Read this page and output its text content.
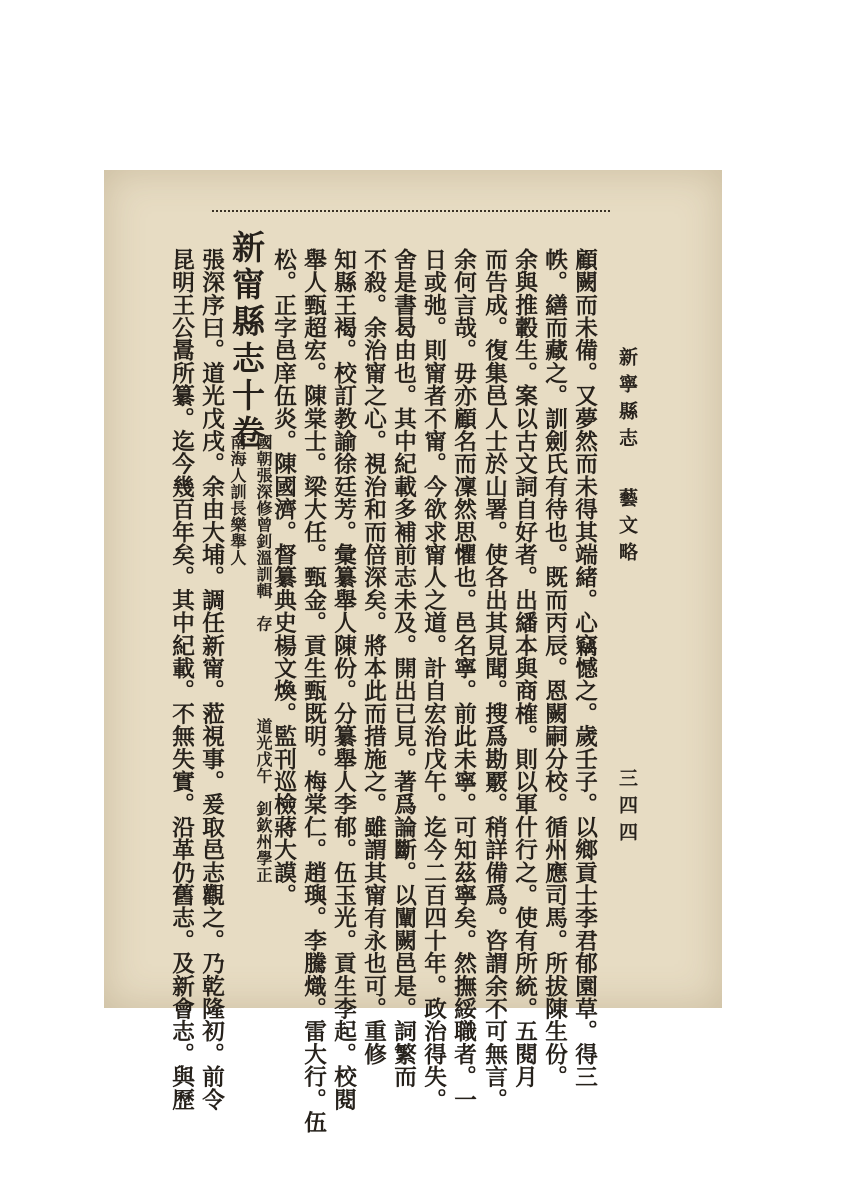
新寧縣志
藝文略
三四四
顧闕而未備。又夢然而未得其端緒。心竊憾之。歲壬子。以鄉貢士李君郁園草。得三
帙。繕而藏之。訓劍氏有待也。既而丙辰。恩闕嗣分校。循州應司馬。所拔陳生份。
余與推轂生。案以古文詞自好者。出繙本與商榷。則以軍什行之。使有所統。五閱月
而告成。復集邑人士於山署。使各出其見聞。搜爲勘覈。稍詳備爲。咨謂余不可無言。
余何言哉。毋亦顧名而凜然思懼也。邑名寧。前此未寧。可知茲寧矣。然撫綏職者。一
日或弛。則甯者不甯。今欲求甯人之道。計自宏治戊午。迄今二百四十年。政治得失。
舍是書曷由也。其中紀載多補前志未及。開出已見。著爲論斷。以闡闕邑是。詞繁而
不殺。余治甯之心。視治和而倍深矣。將本此而措施之。雖謂其甯有永也可。重修
知縣王褐。校訂教諭徐廷芳。彙纂舉人陳份。分纂舉人李郁。伍玉光。貢生李起。校閱
舉人甄超宏。陳棠士。梁大任。甄金。貢生甄既明。梅棠仁。趙璵。李騰熾。雷大行。伍
松。正字邑庠伍炎。陳國濟。督纂典史楊文煥。監刊巡檢蔣大謨。
新甯縣志十卷
國朝張深修曾釗溫訓輯　存
南海人訓長樂舉人
道光戊午　釗欽州學正
張深序曰。道光戊戌。余由大埔。調任新甯。蒞視事。爰取邑志觀之。乃乾隆初。前令
昆明王公暠所纂。迄今幾百年矣。其中紀載。不無失實。沿革仍舊志。及新會志。與歷
